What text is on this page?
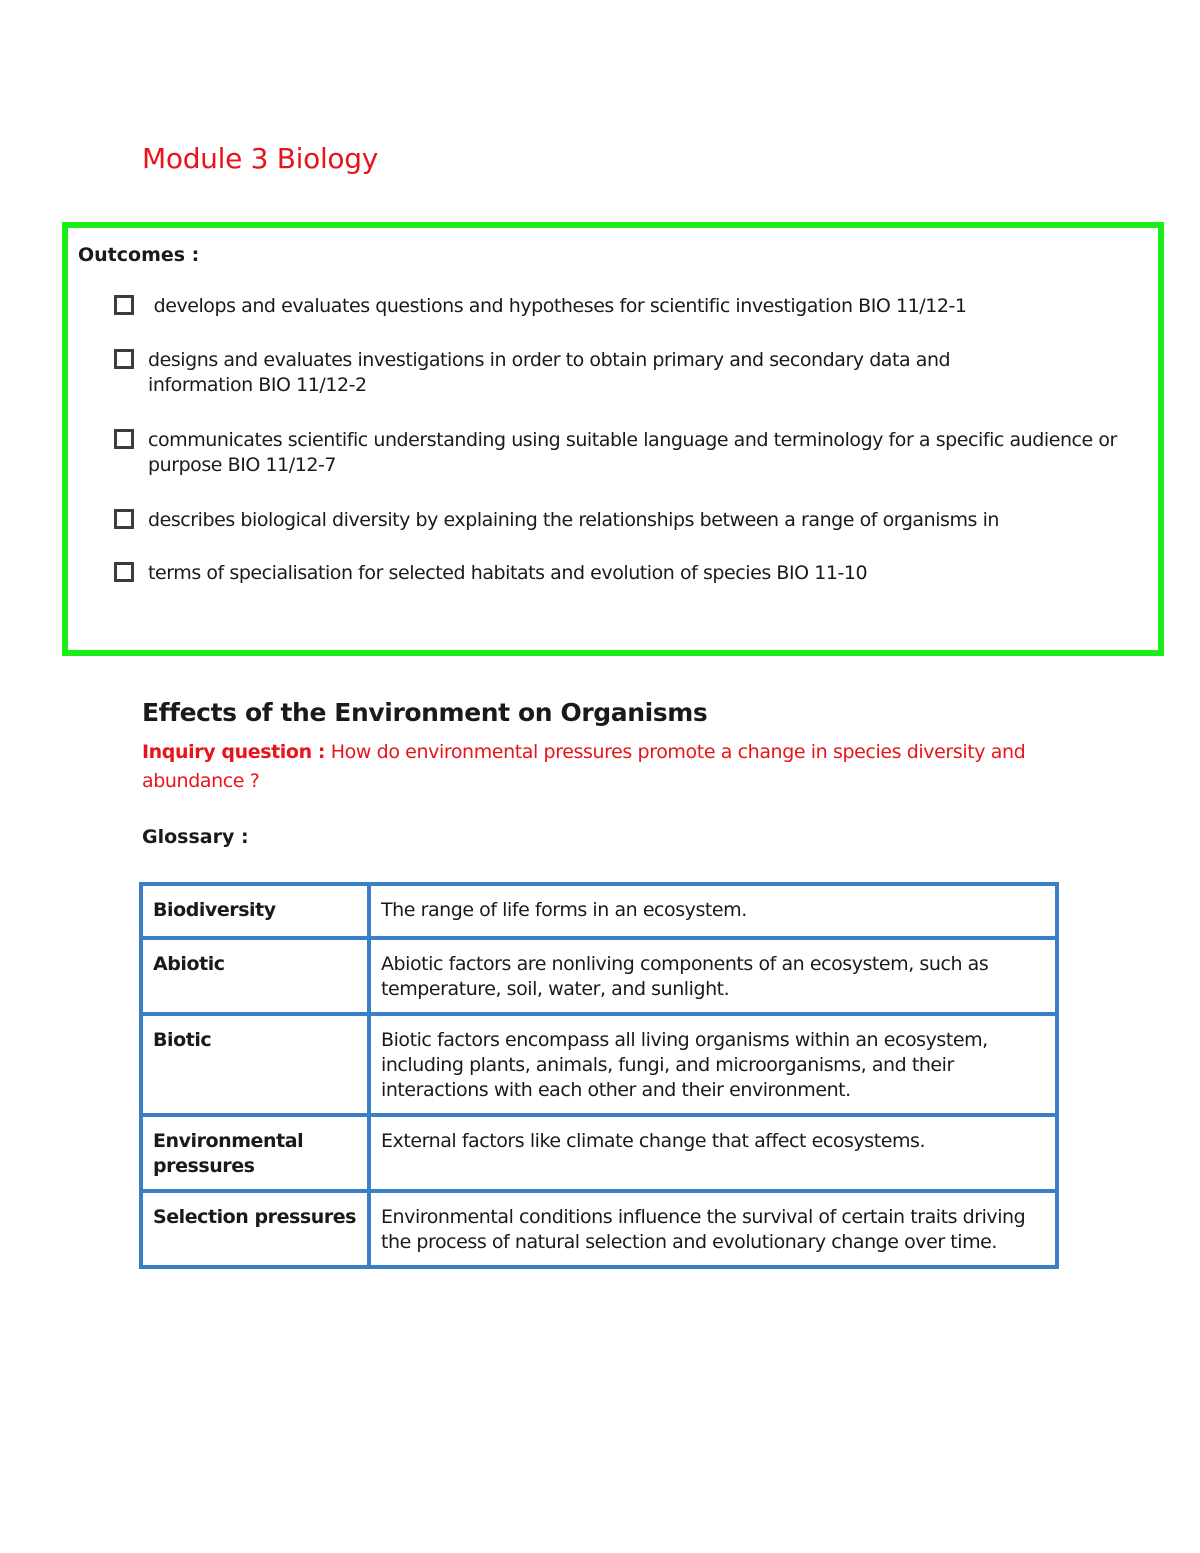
Module 3 Biology
Outcomes :
develops and evaluates questions and hypotheses for scientific investigation BIO 11/12-1
designs and evaluates investigations in order to obtain primary and secondary data and information BIO 11/12-2
communicates scientific understanding using suitable language and terminology for a specific audience or purpose BIO 11/12-7
describes biological diversity by explaining the relationships between a range of organisms in
terms of specialisation for selected habitats and evolution of species BIO 11-10
Effects of the Environment on Organisms
Inquiry question : How do environmental pressures promote a change in species diversity and abundance ?
Glossary :
Biodiversity	The range of life forms in an ecosystem.
Abiotic	Abiotic factors are nonliving components of an ecosystem, such as temperature, soil, water, and sunlight.
Biotic	Biotic factors encompass all living organisms within an ecosystem, including plants, animals, fungi, and microorganisms, and their interactions with each other and their environment.
Environmental pressures	External factors like climate change that affect ecosystems.
Selection pressures	Environmental conditions influence the survival of certain traits driving the process of natural selection and evolutionary change over time.
